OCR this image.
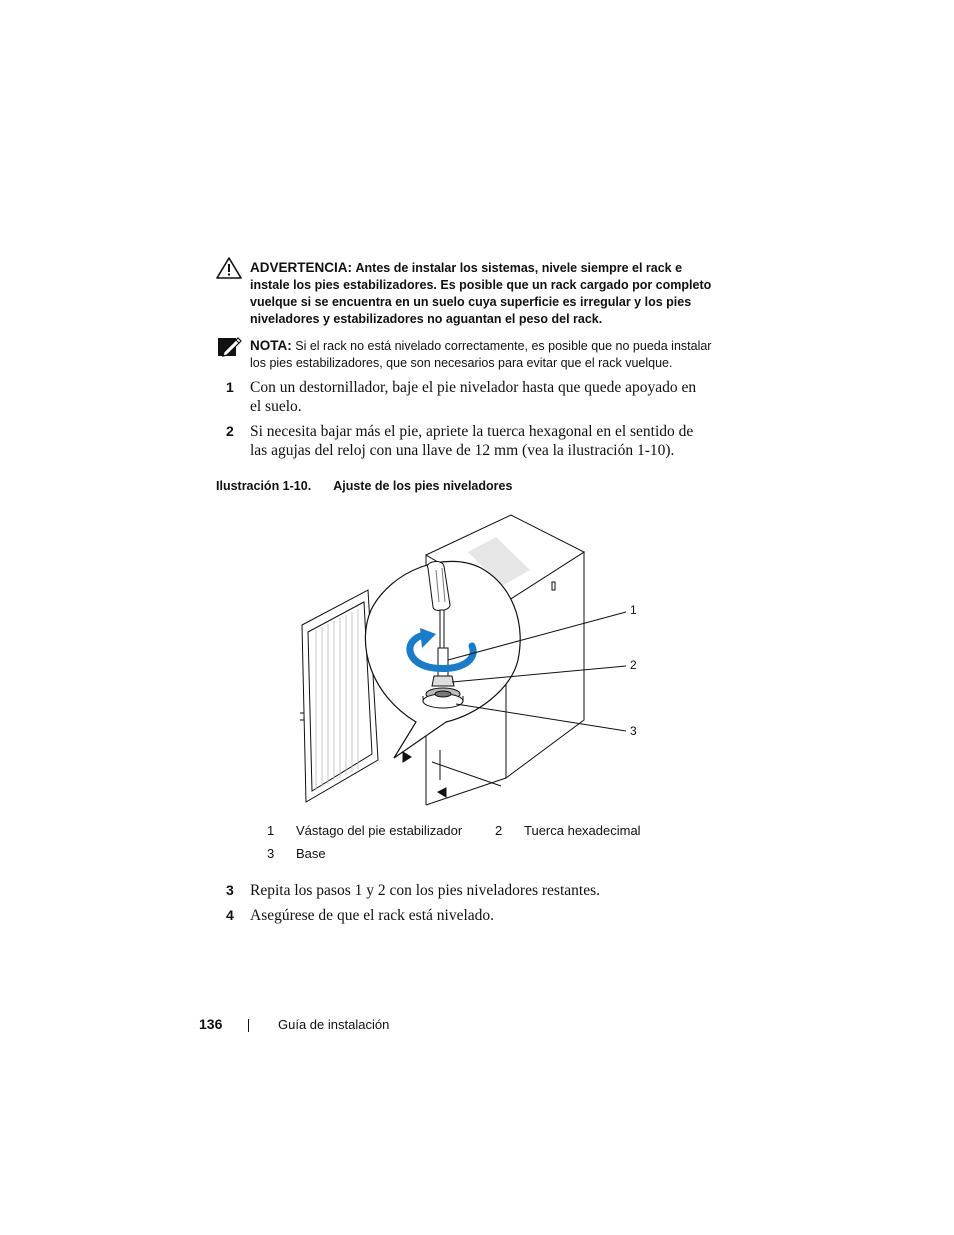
ADVERTENCIA: Antes de instalar los sistemas, nivele siempre el rack e instale los pies estabilizadores. Es posible que un rack cargado por completo vuelque si se encuentra en un suelo cuya superficie es irregular y los pies niveladores y estabilizadores no aguantan el peso del rack.
NOTA: Si el rack no está nivelado correctamente, es posible que no pueda instalar los pies estabilizadores, que son necesarios para evitar que el rack vuelque.
1 Con un destornillador, baje el pie nivelador hasta que quede apoyado en el suelo.
2 Si necesita bajar más el pie, apriete la tuerca hexagonal en el sentido de las agujas del reloj con una llave de 12 mm (vea la ilustración 1-10).
Ilustración 1-10. Ajuste de los pies niveladores
1
2
3
1 Vástago del pie estabilizador	2 Tuerca hexadecimal
3 Base
3 Repita los pasos 1 y 2 con los pies niveladores restantes.
4 Asegúrese de que el rack está nivelado.
136	Guía de instalación
